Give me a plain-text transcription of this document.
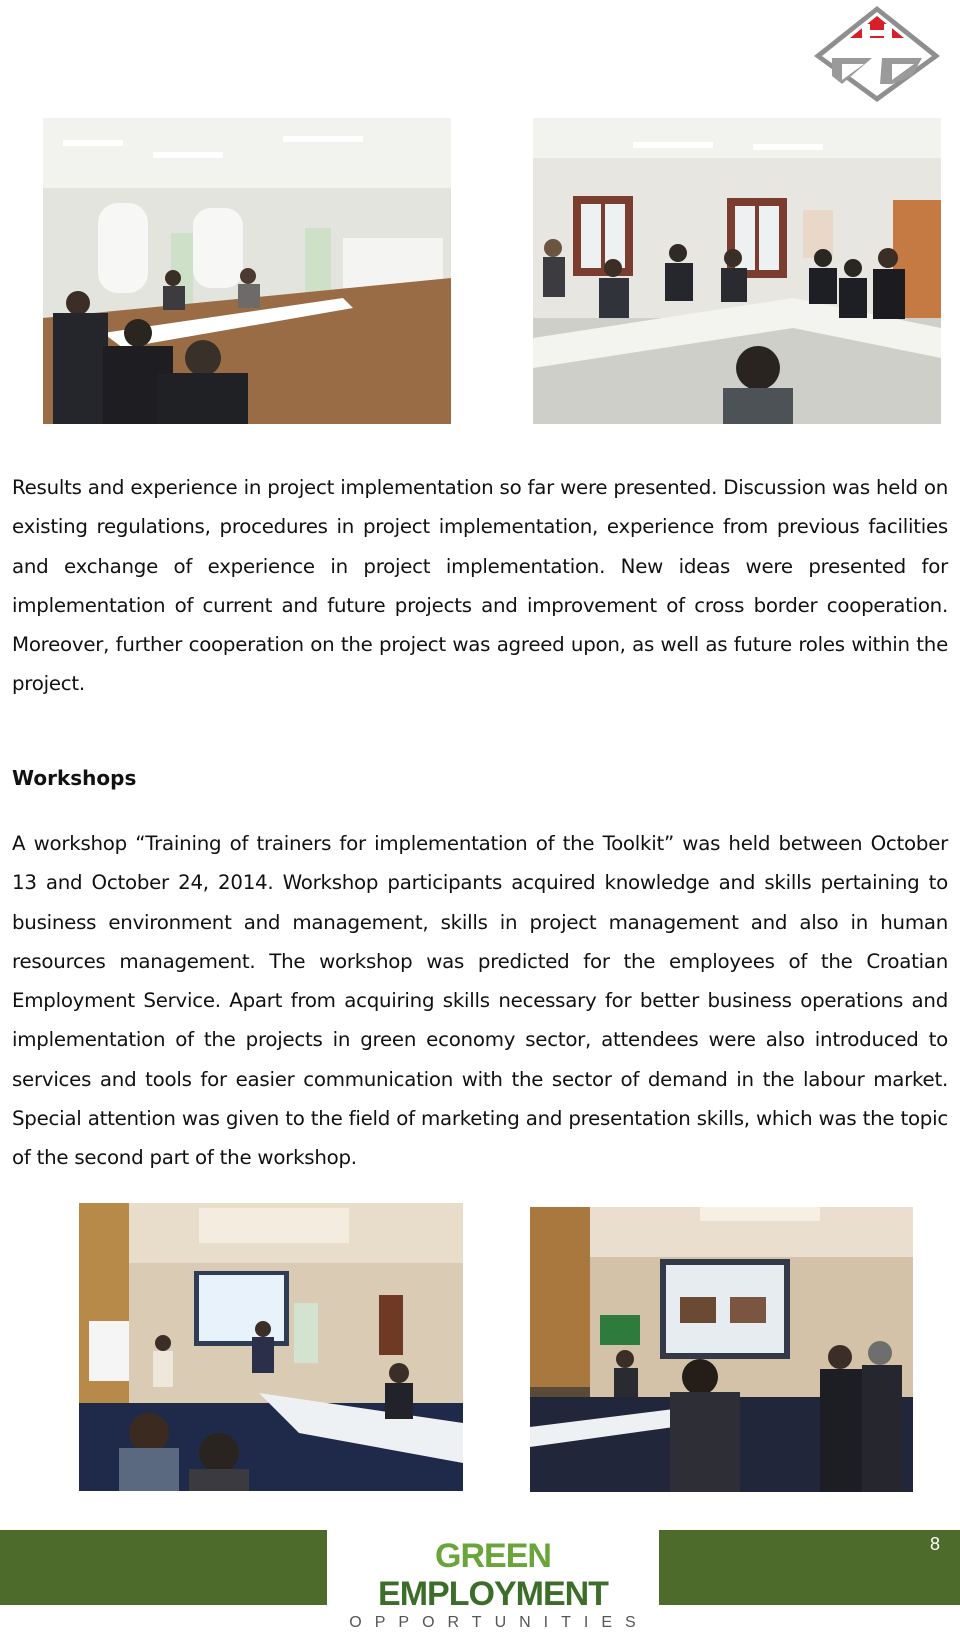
Results and experience in project implementation so far were presented. Discussion was held on existing regulations, procedures in project implementation, experience from previous facilities and exchange of experience in project implementation. New ideas were presented for implementation of current and future projects and improvement of cross border cooperation. Moreover, further cooperation on the project was agreed upon, as well as future roles within the project.

Workshops

A workshop “Training of trainers for implementation of the Toolkit” was held between October 13 and October 24, 2014. Workshop participants acquired knowledge and skills pertaining to business environment and management, skills in project management and also in human resources management. The workshop was predicted for the employees of the Croatian Employment Service. Apart from acquiring skills necessary for better business operations and implementation of the projects in green economy sector, attendees were also introduced to services and tools for easier communication with the sector of demand in the labour market. Special attention was given to the field of marketing and presentation skills, which was the topic of the second part of the workshop.

GREEN EMPLOYMENT
OPPORTUNITIES
8
